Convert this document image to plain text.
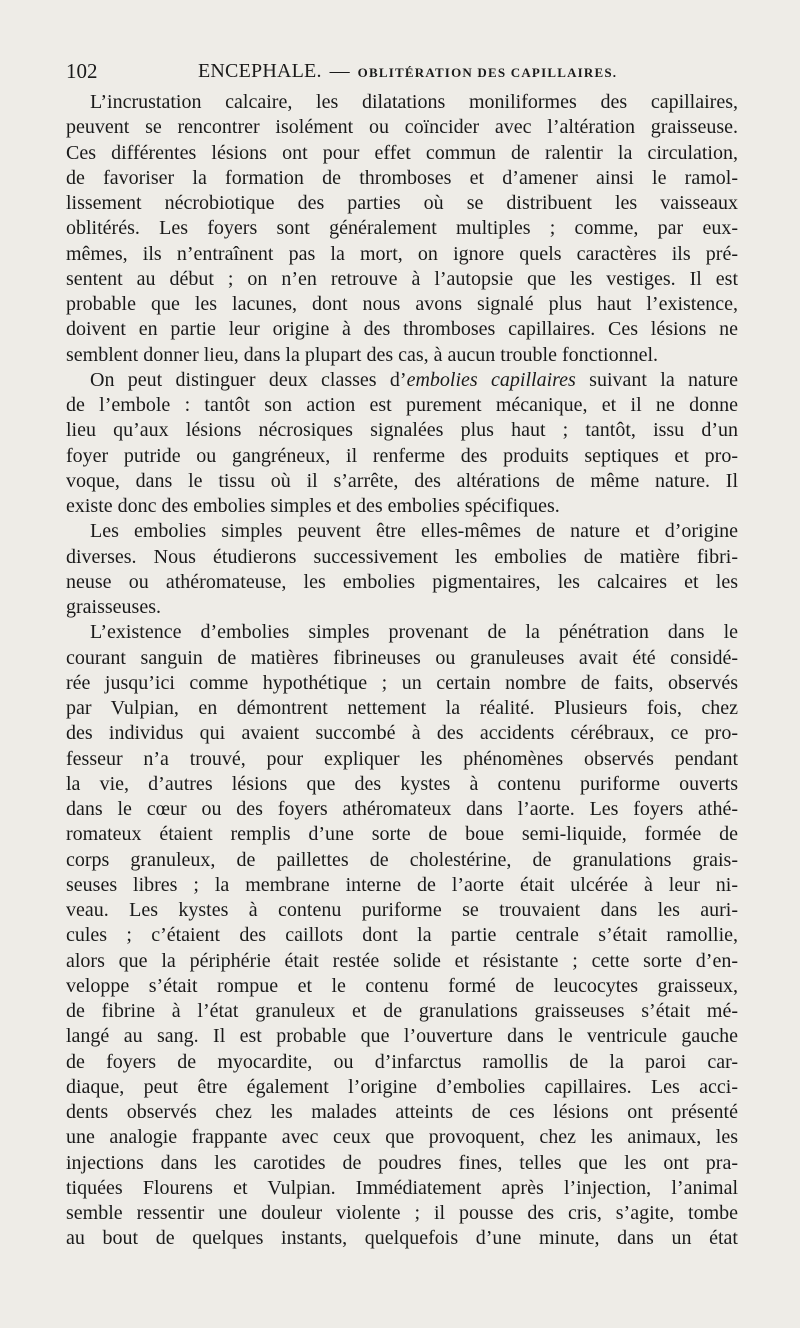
102	ENCEPHALE. — OBLITÉRATION DES CAPILLAIRES.
L’incrustation calcaire, les dilatations moniliformes des capillaires,
peuvent se rencontrer isolément ou coïncider avec l’altération graisseuse.
Ces différentes lésions ont pour effet commun de ralentir la circulation,
de favoriser la formation de thromboses et d’amener ainsi le ramol-
lissement nécrobiotique des parties où se distribuent les vaisseaux
oblitérés. Les foyers sont généralement multiples ; comme, par eux-
mêmes, ils n’entraînent pas la mort, on ignore quels caractères ils pré-
sentent au début ; on n’en retrouve à l’autopsie que les vestiges. Il est
probable que les lacunes, dont nous avons signalé plus haut l’existence,
doivent en partie leur origine à des thromboses capillaires. Ces lésions ne
semblent donner lieu, dans la plupart des cas, à aucun trouble fonctionnel.
On peut distinguer deux classes d’embolies capillaires suivant la nature
de l’embole : tantôt son action est purement mécanique, et il ne donne
lieu qu’aux lésions nécrosiques signalées plus haut ; tantôt, issu d’un
foyer putride ou gangréneux, il renferme des produits septiques et pro-
voque, dans le tissu où il s’arrête, des altérations de même nature. Il
existe donc des embolies simples et des embolies spécifiques.
Les embolies simples peuvent être elles-mêmes de nature et d’origine
diverses. Nous étudierons successivement les embolies de matière fibri-
neuse ou athéromateuse, les embolies pigmentaires, les calcaires et les
graisseuses.
L’existence d’embolies simples provenant de la pénétration dans le
courant sanguin de matières fibrineuses ou granuleuses avait été considé-
rée jusqu’ici comme hypothétique ; un certain nombre de faits, observés
par Vulpian, en démontrent nettement la réalité. Plusieurs fois, chez
des individus qui avaient succombé à des accidents cérébraux, ce pro-
fesseur n’a trouvé, pour expliquer les phénomènes observés pendant
la vie, d’autres lésions que des kystes à contenu puriforme ouverts
dans le cœur ou des foyers athéromateux dans l’aorte. Les foyers athé-
romateux étaient remplis d’une sorte de boue semi-liquide, formée de
corps granuleux, de paillettes de cholestérine, de granulations grais-
seuses libres ; la membrane interne de l’aorte était ulcérée à leur ni-
veau. Les kystes à contenu puriforme se trouvaient dans les auri-
cules ; c’étaient des caillots dont la partie centrale s’était ramollie,
alors que la périphérie était restée solide et résistante ; cette sorte d’en-
veloppe s’était rompue et le contenu formé de leucocytes graisseux,
de fibrine à l’état granuleux et de granulations graisseuses s’était mé-
langé au sang. Il est probable que l’ouverture dans le ventricule gauche
de foyers de myocardite, ou d’infarctus ramollis de la paroi car-
diaque, peut être également l’origine d’embolies capillaires. Les acci-
dents observés chez les malades atteints de ces lésions ont présenté
une analogie frappante avec ceux que provoquent, chez les animaux, les
injections dans les carotides de poudres fines, telles que les ont pra-
tiquées Flourens et Vulpian. Immédiatement après l’injection, l’animal
semble ressentir une douleur violente ; il pousse des cris, s’agite, tombe
au bout de quelques instants, quelquefois d’une minute, dans un état
